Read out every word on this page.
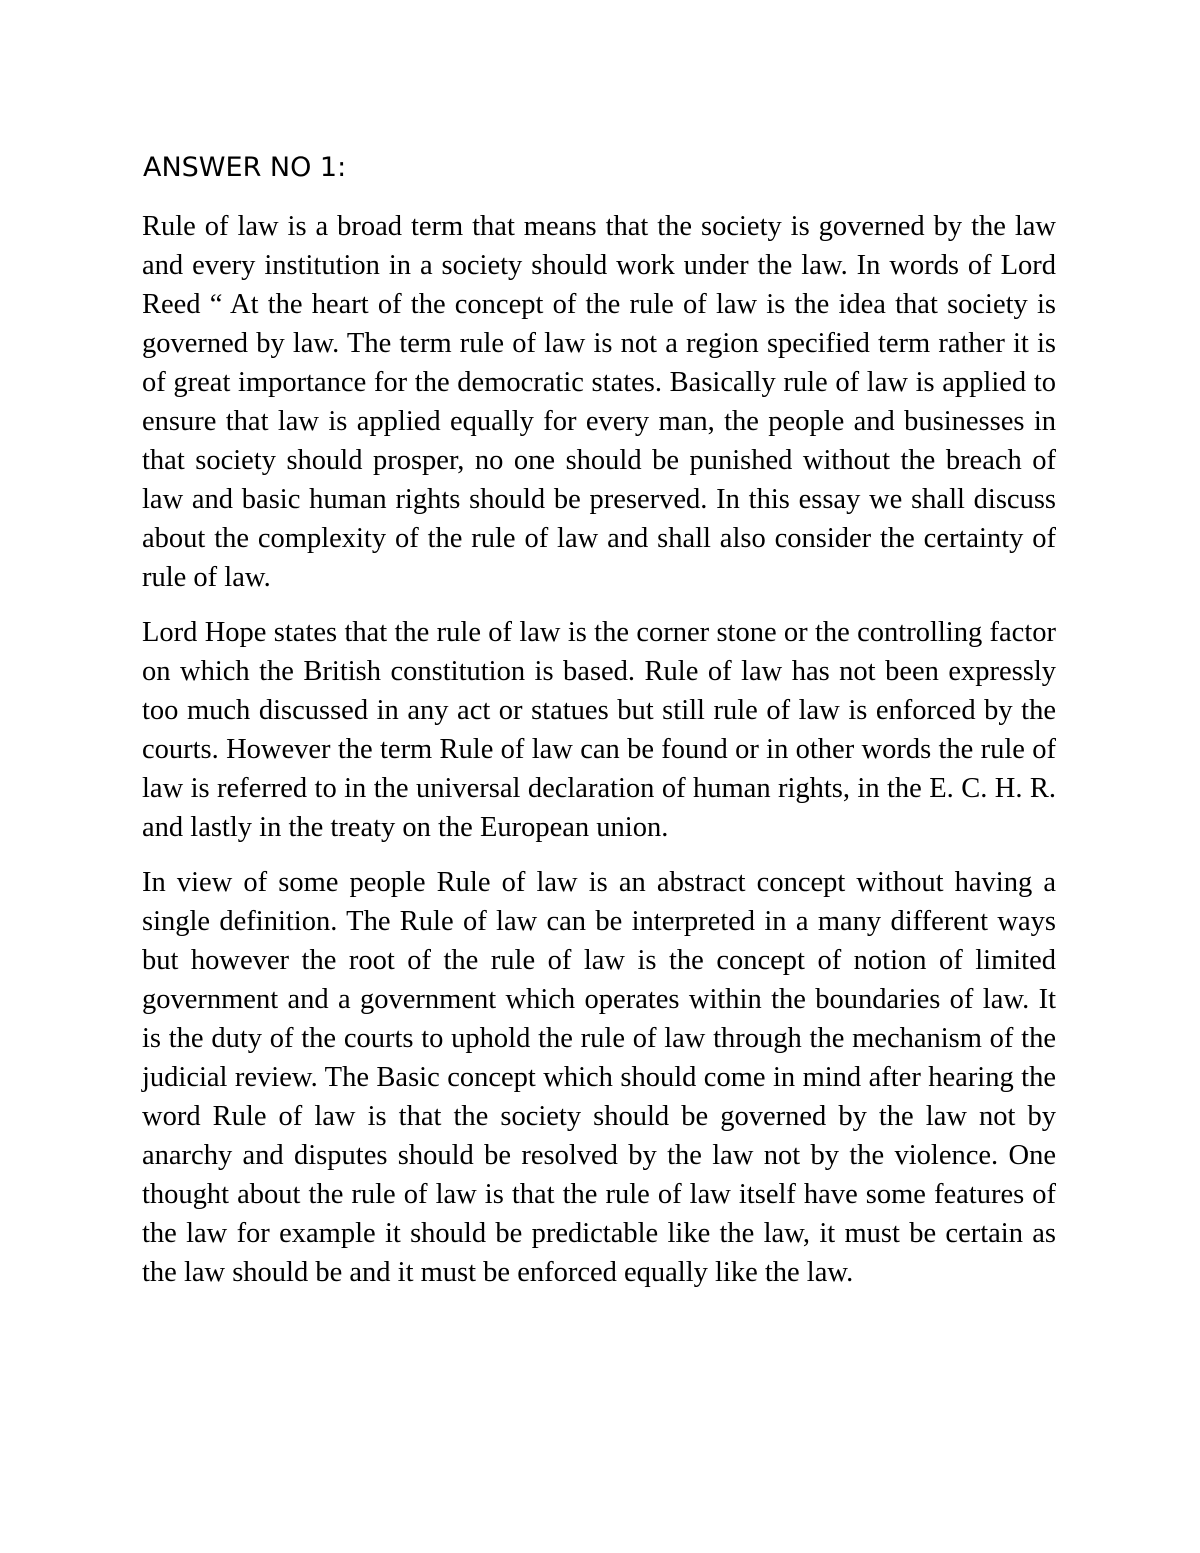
ANSWER NO 1:

Rule of law is a broad term that means that the society is governed by the law and every institution in a society should work under the law. In words of Lord Reed “ At the heart of the concept of the rule of law is the idea that society is governed by law. The term rule of law is not a region specified term rather it is of great importance for the democratic states. Basically rule of law is applied to ensure that law is applied equally for every man, the people and businesses in that society should prosper, no one should be punished without the breach of law and basic human rights should be preserved. In this essay we shall discuss about the complexity of the rule of law and shall also consider the certainty of rule of law.

Lord Hope states that the rule of law is the corner stone or the controlling factor on which the British constitution is based. Rule of law has not been expressly too much discussed in any act or statues but still rule of law is enforced by the courts. However the term Rule of law can be found or in other words the rule of law is referred to in the universal declaration of human rights, in the E. C. H. R. and lastly in the treaty on the European union.

In view of some people Rule of law is an abstract concept without having a single definition. The Rule of law can be interpreted in a many different ways but however the root of the rule of law is the concept of notion of limited government and a government which operates within the boundaries of law. It is the duty of the courts to uphold the rule of law through the mechanism of the judicial review. The Basic concept which should come in mind after hearing the word Rule of law is that the society should be governed by the law not by anarchy and disputes should be resolved by the law not by the violence. One thought about the rule of law is that the rule of law itself have some features of the law for example it should be predictable like the law, it must be certain as the law should be and it must be enforced equally like the law.
